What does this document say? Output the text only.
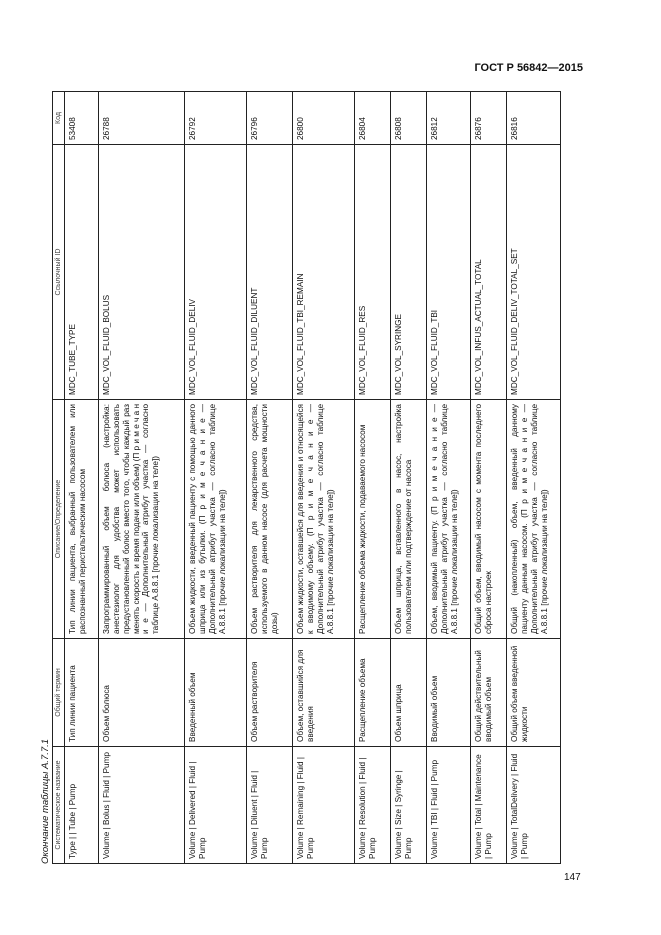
ГОСТ Р 56842—2015
Окончание таблицы А.7.7.1 Систематическое название	Общий термин	Описание/Определение	Ссылочный ID	Код
Type | | Tube | Pump	Тип линии пациента	Тип линии пациента, выбранный пользователем или распознанный перистальтическим насосом	MDC_TUBE_TYPE	53408
Volume | Bolus | Fluid | Pump	Объем болюса	Запрограммированный объем болюса (настройка: анестезиолог для удобства может использовать предустановленный болюс вместо того, чтобы каждый раз менять скорость и время подачи или объем) (П р и м е ч а н и е — Дополнительный атрибут участка — согласно таблице А.8.8.1 [прочие локализации на теле])	MDC_VOL_FLUID_BOLUS	26788
Volume | Delivered | Fluid | Pump	Введенный объем	Объем жидкости, введенный пациенту с помощью данного шприца или из бутылки. (П р и м е ч а н и е — Дополнительный атрибут участка — согласно таблице А.8.8.1 [прочие локализации на теле])	MDC_VOL_FLUID_DELIV	26792
Volume | Diluent | Fluid | Pump	Объем растворителя	Объем растворителя для лекарственного средства, используемого в данном насосе (для расчета мощности дозы)	MDC_VOL_FLUID_DILUENT	26796
Volume | Remaining | Fluid | Pump	Объем, оставшийся для введения	Объем жидкости, оставшейся для введения и относящейся к вводимому объему. (П р и м е ч а н и е — Дополнительный атрибут участка — согласно таблице А.8.8.1 [прочие локализации на теле])	MDC_VOL_FLUID_TBI_REMAIN	26800
Volume | Resolution | Fluid | Pump	Расщепление объема	Расщепление объема жидкости, подаваемого насосом	MDC_VOL_FLUID_RES	26804
Volume | Size | Syringe | Pump	Объем шприца	Объем шприца, вставленного в насос, настройка пользователем или подтверждение от насоса	MDC_VOL_SYRINGE	26808
Volume | TBI | Fluid | Pump	Вводимый объем	Объем, вводимый пациенту. (П р и м е ч а н и е — Дополнительный атрибут участка — согласно таблице А.8.8.1 [прочие локализации на теле])	MDC_VOL_FLUID_TBI	26812
Volume | Total | Maintenance | Pump	Общий действительный вводимый объем	Общий объем, вводимый насосом с момента последнего сброса настроек	MDC_VOL_INFUS_ACTUAL_TOTAL	26876
Volume | TotalDelivery | Fluid | Pump	Общий объем введенной жидкости	Общий (накопленный) объем, введенный данному пациенту данным насосом. (П р и м е ч а н и е — Дополнительный атрибут участка — согласно таблице А.8.8.1 [прочие локализации на теле])	MDC_VOL_FLUID_DELIV_TOTAL_SET	26816
147
